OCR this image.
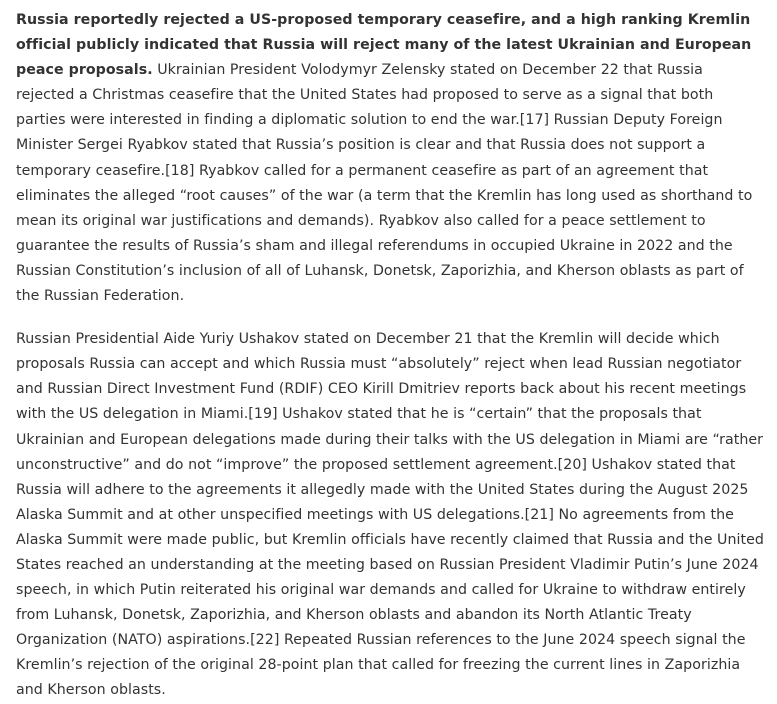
Russia reportedly rejected a US-proposed temporary ceasefire, and a high ranking Kremlin official publicly indicated that Russia will reject many of the latest Ukrainian and European peace proposals. Ukrainian President Volodymyr Zelensky stated on December 22 that Russia rejected a Christmas ceasefire that the United States had proposed to serve as a signal that both parties were interested in finding a diplomatic solution to end the war.[17] Russian Deputy Foreign Minister Sergei Ryabkov stated that Russia’s position is clear and that Russia does not support a temporary ceasefire.[18] Ryabkov called for a permanent ceasefire as part of an agreement that eliminates the alleged “root causes” of the war (a term that the Kremlin has long used as shorthand to mean its original war justifications and demands). Ryabkov also called for a peace settlement to guarantee the results of Russia’s sham and illegal referendums in occupied Ukraine in 2022 and the Russian Constitution’s inclusion of all of Luhansk, Donetsk, Zaporizhia, and Kherson oblasts as part of the Russian Federation.

Russian Presidential Aide Yuriy Ushakov stated on December 21 that the Kremlin will decide which proposals Russia can accept and which Russia must “absolutely” reject when lead Russian negotiator and Russian Direct Investment Fund (RDIF) CEO Kirill Dmitriev reports back about his recent meetings with the US delegation in Miami.[19] Ushakov stated that he is “certain” that the proposals that Ukrainian and European delegations made during their talks with the US delegation in Miami are “rather unconstructive” and do not “improve” the proposed settlement agreement.[20] Ushakov stated that Russia will adhere to the agreements it allegedly made with the United States during the August 2025 Alaska Summit and at other unspecified meetings with US delegations.[21] No agreements from the Alaska Summit were made public, but Kremlin officials have recently claimed that Russia and the United States reached an understanding at the meeting based on Russian President Vladimir Putin’s June 2024 speech, in which Putin reiterated his original war demands and called for Ukraine to withdraw entirely from Luhansk, Donetsk, Zaporizhia, and Kherson oblasts and abandon its North Atlantic Treaty Organization (NATO) aspirations.[22] Repeated Russian references to the June 2024 speech signal the Kremlin’s rejection of the original 28-point plan that called for freezing the current lines in Zaporizhia and Kherson oblasts.
